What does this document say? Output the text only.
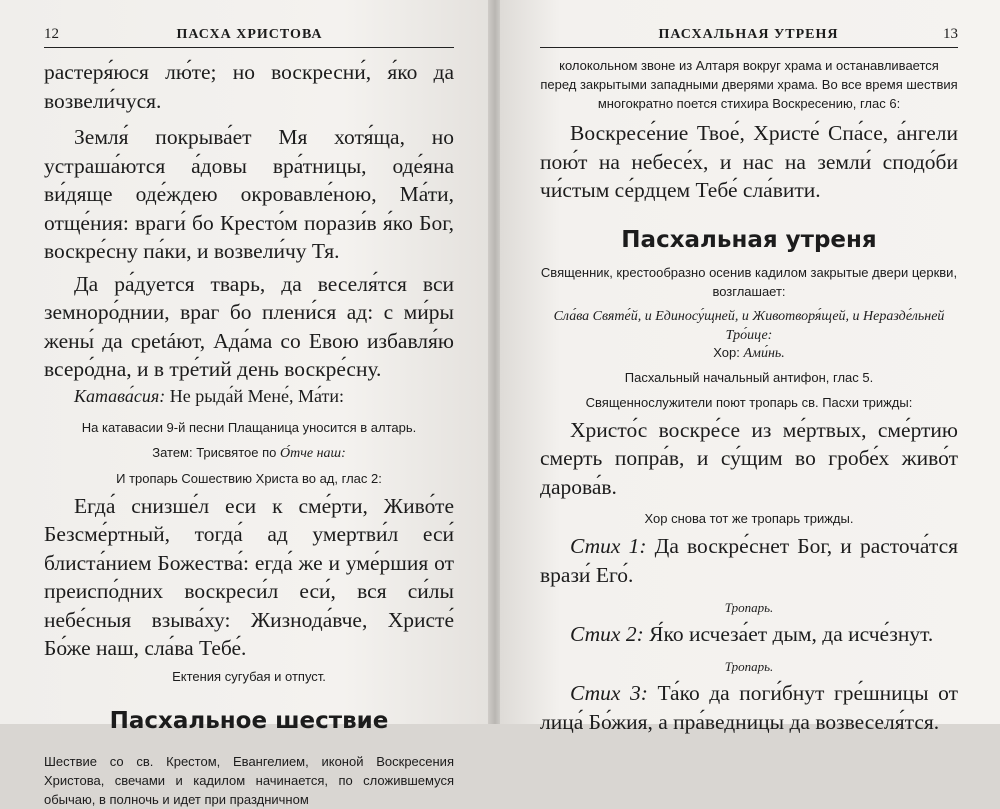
12	ПАСХА ХРИСТОВА

растеря́юся лю́те; но воскресни́, я́ко да возвели́чуся.

Земля́ покрыва́ет Мя хотя́ща, но устраша́ются а́довы вра́тницы, оде́яна ви́дяще оде́ждею окровавле́ною, Ма́ти, отще́ния: враги́ бо Кресто́м порази́в я́ко Бог, воскре́сну па́ки, и возвели́чу Тя.

Да ра́дуется тварь, да веселя́тся вси земноро́днии, враг бо плени́ся ад: с ми́ры жены́ да среtáют, Ада́ма со Евою избавля́ю всеро́дна, и в тре́тий день воскре́сну.

Катава́сия: Не рыда́й Мене́, Ма́ти:

На катавасии 9-й песни Плащаница уносится в алтарь.

Затем: Трисвятое по О́тче наш:

И тропарь Сошествию Христа во ад, глас 2:

Егда́ снизше́л еси к сме́рти, Живо́те Безсме́ртный, тогда́ ад умертви́л еси́ блиста́нием Божества́: егда́ же и уме́ршия от преиспо́дних воскреси́л еси́, вся си́лы небе́сныя взыва́ху: Жизнода́вче, Христе́ Бо́же наш, сла́ва Тебе́.

Ектения сугубая и отпуст.

Пасхальное шествие

Шествие со св. Крестом, Евангелием, иконой Воскресения Христова, свечами и кадилом начинается, по сложившемуся обычаю, в полночь и идет при праздничном

ПАСХАЛЬНАЯ УТРЕНЯ	13

колокольном звоне из Алтаря вокруг храма и останавливается перед закрытыми западными дверями храма. Во все время шествия многократно поется стихира Воскресению, глас 6:

Воскресе́ние Твое́, Христе́ Спа́се, а́нгели пою́т на небесе́х, и нас на земли́ сподо́би чи́стым се́рдцем Тебе́ сла́вити.

Пасхальная утреня

Священник, крестообразно осенив кадилом закрытые двери церкви, возглашает:

Сла́ва Святе́й, и Единосу́щней, и Животворя́щей, и Неразде́льней Тро́ице:

Хор: Ами́нь.

Пасхальный начальный антифон, глас 5.

Священнослужители поют тропарь св. Пасхи трижды:

Христо́с воскре́се из ме́ртвых, сме́ртию смерть попра́в, и су́щим во гробе́х живо́т дарова́в.

Хор снова тот же тропарь трижды.

Стих 1: Да воскре́снет Бог, и расточа́тся врази́ Его́.

Тропарь.

Стих 2: Я́ко исчеза́ет дым, да исче́знут.

Тропарь.

Стих 3: Та́ко да поги́бнут гре́шницы от лица́ Бо́жия, а пра́ведницы да возвеселя́тся.
